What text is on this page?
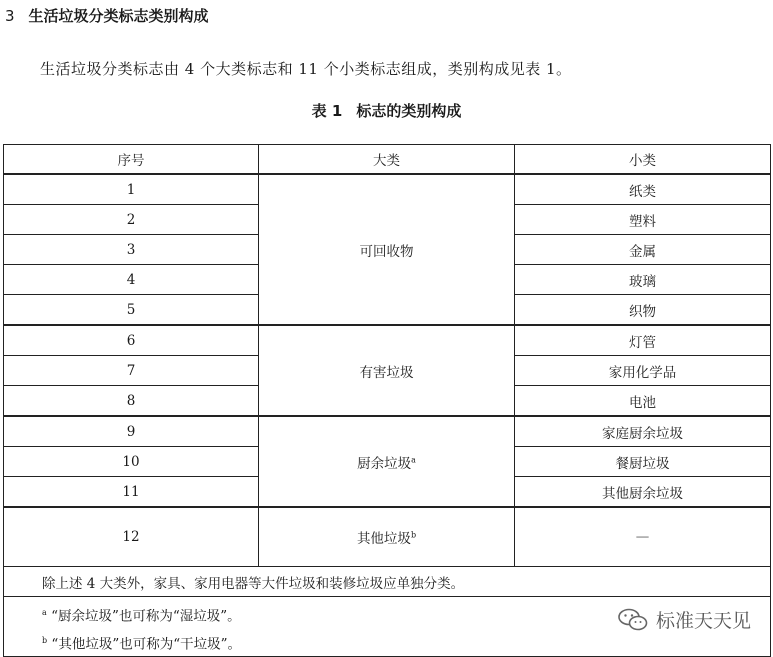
3 生活垃圾分类标志类别构成
生活垃圾分类标志由 4 个大类标志和 11 个小类标志组成，类别构成见表 1。
表 1 标志的类别构成
序号	大类	小类
1	可回收物	纸类
2		塑料
3		金属
4		玻璃
5		织物
6	有害垃圾	灯管
7		家用化学品
8		电池
9	厨余垃圾$^a$	家庭厨余垃圾
10		餐厨垃圾
11		其他厨余垃圾
12	其他垃圾$^b$	—
除上述 4 大类外，家具、家用电器等大件垃圾和装修垃圾应单独分类。		

$^a$ “厨余垃圾”也可称为“湿垃圾”。
$^b$ “其他垃圾”也可称为“干垃圾”。		
标准天天见
